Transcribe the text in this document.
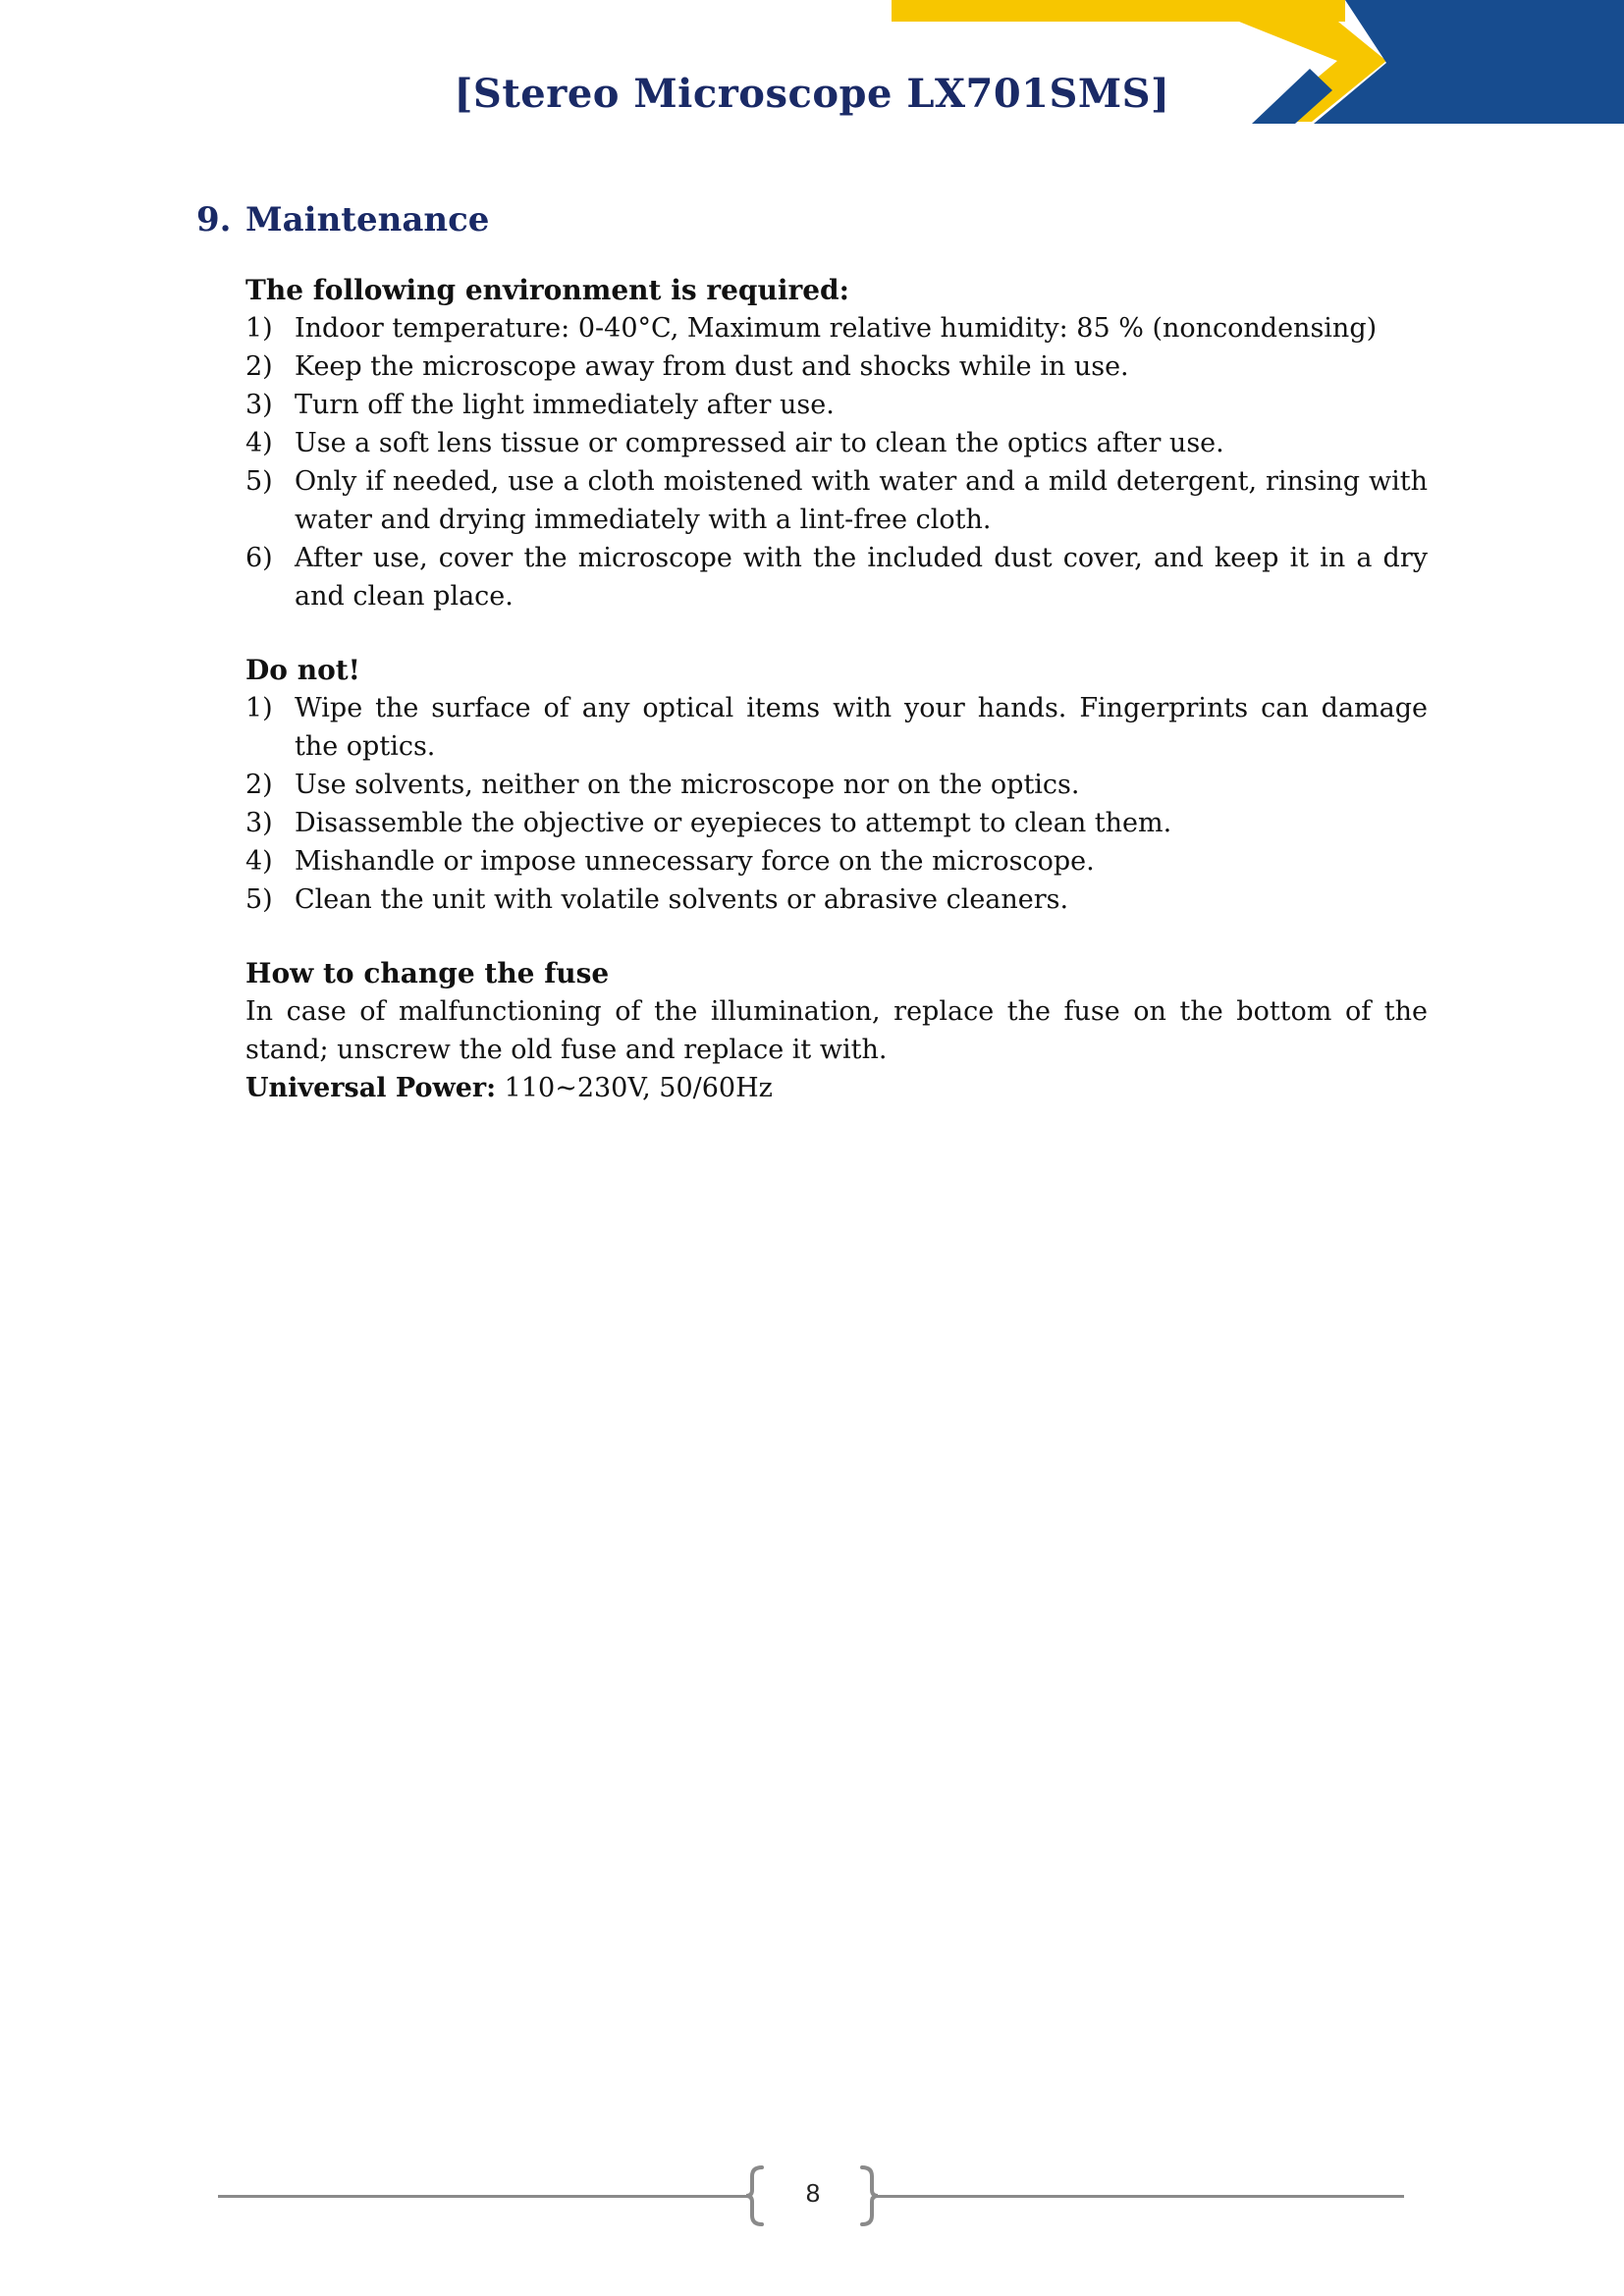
[Stereo Microscope LX701SMS]
9. Maintenance
The following environment is required:
1) Indoor temperature: 0-40°C, Maximum relative humidity: 85 % (noncondensing)
2) Keep the microscope away from dust and shocks while in use.
3) Turn off the light immediately after use.
4) Use a soft lens tissue or compressed air to clean the optics after use.
5) Only if needed, use a cloth moistened with water and a mild detergent, rinsing with water and drying immediately with a lint-free cloth.
6) After use, cover the microscope with the included dust cover, and keep it in a dry and clean place.
Do not!
1) Wipe the surface of any optical items with your hands. Fingerprints can damage the optics.
2) Use solvents, neither on the microscope nor on the optics.
3) Disassemble the objective or eyepieces to attempt to clean them.
4) Mishandle or impose unnecessary force on the microscope.
5) Clean the unit with volatile solvents or abrasive cleaners.
How to change the fuse
In case of malfunctioning of the illumination, replace the fuse on the bottom of the stand; unscrew the old fuse and replace it with.
Universal Power: 110~230V, 50/60Hz
8
